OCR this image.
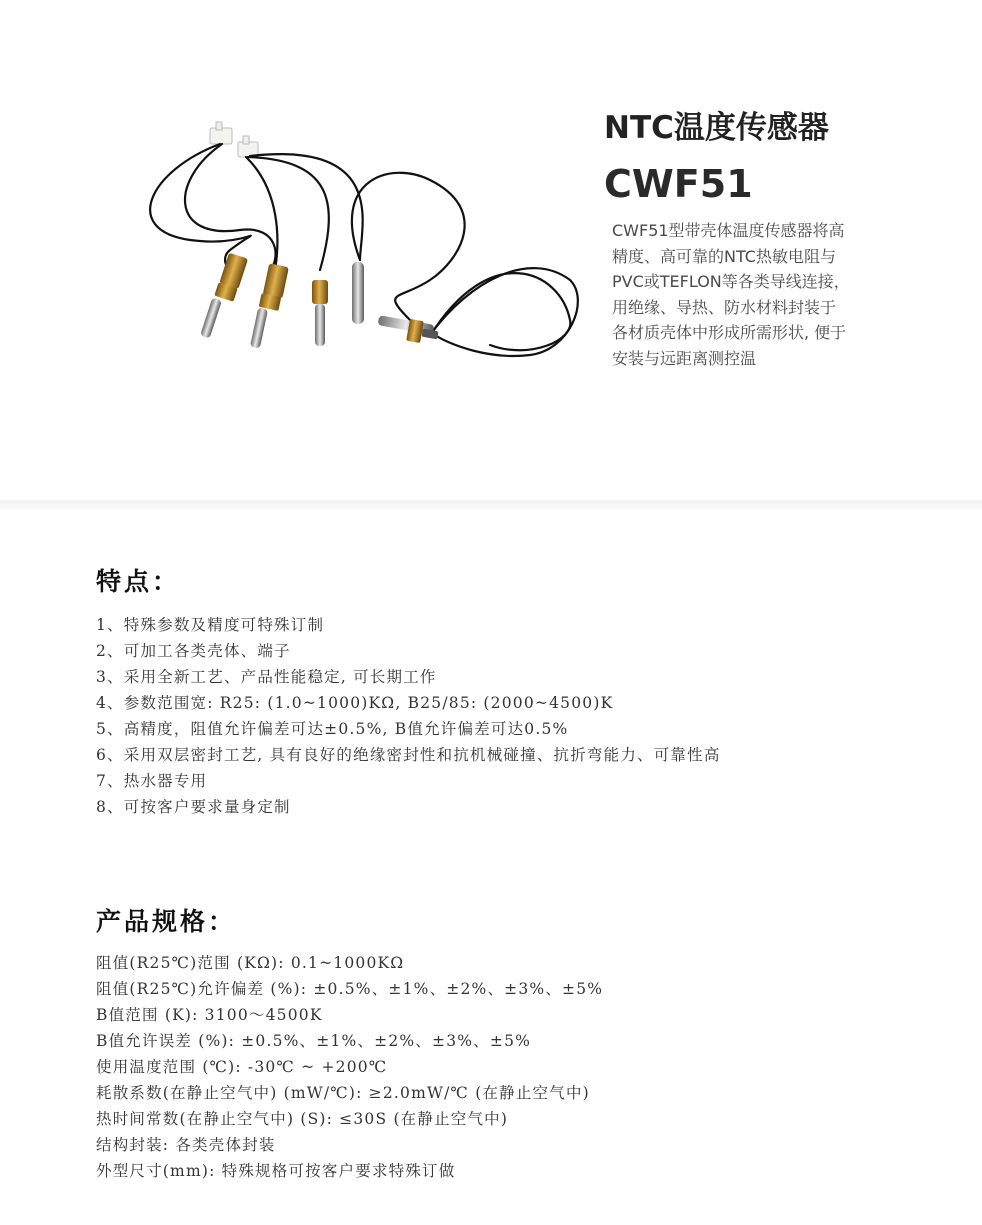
NTC温度传感器
CWF51
CWF51型带壳体温度传感器将高
精度、高可靠的NTC热敏电阻与
PVC或TEFLON等各类导线连接，
用绝缘、导热、防水材料封装于
各材质壳体中形成所需形状, 便于
安装与远距离测控温
特点：
1、特殊参数及精度可特殊订制
2、可加工各类壳体、端子
3、采用全新工艺、产品性能稳定, 可长期工作
4、参数范围宽: R25: (1.0~1000)KΩ, B25/85: (2000~4500)K
5、高精度，阻值允许偏差可达±0.5%, B值允许偏差可达0.5%
6、采用双层密封工艺, 具有良好的绝缘密封性和抗机械碰撞、抗折弯能力、可靠性高
7、热水器专用
8、可按客户要求量身定制
产品规格：
阻值(R25℃)范围 (KΩ): 0.1~1000KΩ
阻值(R25℃)允许偏差 (%): ±0.5%、±1%、±2%、±3%、±5%
B值范围 (K): 3100～4500K
B值允许误差 (%): ±0.5%、±1%、±2%、±3%、±5%
使用温度范围 (℃): -30℃ ~ +200℃
耗散系数(在静止空气中) (mW/℃): ≥2.0mW/℃ (在静止空气中)
热时间常数(在静止空气中) (S): ≤30S (在静止空气中)
结构封装: 各类壳体封装
外型尺寸(mm): 特殊规格可按客户要求特殊订做
